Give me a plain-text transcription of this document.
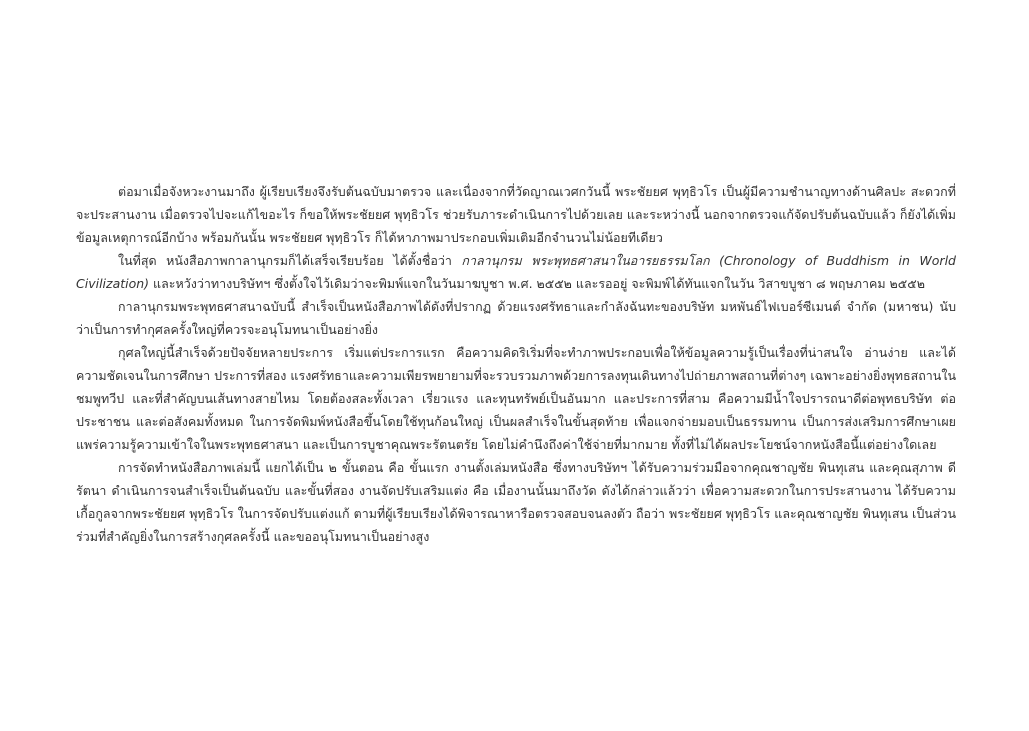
ต่อมาเมื่อจังหวะงานมาถึง ผู้เรียบเรียงจึงรับต้นฉบับมาตรวจ และเนื่องจากที่วัดญาณเวศกวันนี้ พระชัยยศ พุทฺธิวโร เป็นผู้มีความชำนาญทางด้านศิลปะ สะดวกที่จะประสานงาน เมื่อตรวจไปจะแก้ไขอะไร ก็ขอให้พระชัยยศ พุทฺธิวโร ช่วยรับภาระดำเนินการไปด้วยเลย และระหว่างนี้ นอกจากตรวจแก้จัดปรับต้นฉบับแล้ว ก็ยังได้เพิ่มข้อมูลเหตุการณ์อีกบ้าง พร้อมกันนั้น พระชัยยศ พุทฺธิวโร ก็ได้หาภาพมาประกอบเพิ่มเติมอีกจำนวนไม่น้อยทีเดียว

ในที่สุด หนังสือภาพกาลานุกรมก็ได้เสร็จเรียบร้อย ได้ตั้งชื่อว่า กาลานุกรม พระพุทธศาสนาในอารยธรรมโลก (Chronology of Buddhism in World Civilization) และหวังว่าทางบริษัทฯ ซึ่งตั้งใจไว้เดิมว่าจะพิมพ์แจกในวันมาฆบูชา พ.ศ. ๒๕๕๒ และรออยู่ จะพิมพ์ได้ทันแจกในวัน วิสาขบูชา ๘ พฤษภาคม ๒๕๕๒

กาลานุกรมพระพุทธศาสนาฉบับนี้ สำเร็จเป็นหนังสือภาพได้ดังที่ปรากฏ ด้วยแรงศรัทธาและกำลังฉันทะของบริษัท มหพันธ์ไฟเบอร์ซีเมนต์ จำกัด (มหาชน) นับว่าเป็นการทำกุศลครั้งใหญ่ที่ควรจะอนุโมทนาเป็นอย่างยิ่ง

กุศลใหญ่นี้สำเร็จด้วยปัจจัยหลายประการ เริ่มแต่ประการแรก คือความคิดริเริ่มที่จะทำภาพประกอบเพื่อให้ข้อมูลความรู้เป็นเรื่องที่น่าสนใจ อ่านง่าย และได้ความชัดเจนในการศึกษา ประการที่สอง แรงศรัทธาและความเพียรพยายามที่จะรวบรวมภาพด้วยการลงทุนเดินทางไปถ่ายภาพสถานที่ต่างๆ เฉพาะอย่างยิ่งพุทธสถานในชมพูทวีป และที่สำคัญบนเส้นทางสายไหม โดยต้องสละทั้งเวลา เรี่ยวแรง และทุนทรัพย์เป็นอันมาก และประการที่สาม คือความมีน้ำใจปรารถนาดีต่อพุทธบริษัท ต่อประชาชน และต่อสังคมทั้งหมด ในการจัดพิมพ์หนังสือขึ้นโดยใช้ทุนก้อนใหญ่ เป็นผลสำเร็จในขั้นสุดท้าย เพื่อแจกจ่ายมอบเป็นธรรมทาน เป็นการส่งเสริมการศึกษาเผยแพร่ความรู้ความเข้าใจในพระพุทธศาสนา และเป็นการบูชาคุณพระรัตนตรัย โดยไม่คำนึงถึงค่าใช้จ่ายที่มากมาย ทั้งที่ไม่ได้ผลประโยชน์จากหนังสือนี้แต่อย่างใดเลย

การจัดทำหนังสือภาพเล่มนี้ แยกได้เป็น ๒ ขั้นตอน คือ ขั้นแรก งานตั้งเล่มหนังสือ ซึ่งทางบริษัทฯ ได้รับความร่วมมือจากคุณชาญชัย พินทุเสน และคุณสุภาพ ดีรัตนา ดำเนินการจนสำเร็จเป็นต้นฉบับ และขั้นที่สอง งานจัดปรับเสริมแต่ง คือ เมื่องานนั้นมาถึงวัด ดังได้กล่าวแล้วว่า เพื่อความสะดวกในการประสานงาน ได้รับความเกื้อกูลจากพระชัยยศ พุทฺธิวโร ในการจัดปรับแต่งแก้ ตามที่ผู้เรียบเรียงได้พิจารณาหารือตรวจสอบจนลงตัว ถือว่า พระชัยยศ พุทฺธิวโร และคุณชาญชัย พินทุเสน เป็นส่วนร่วมที่สำคัญยิ่งในการสร้างกุศลครั้งนี้ และขออนุโมทนาเป็นอย่างสูง
